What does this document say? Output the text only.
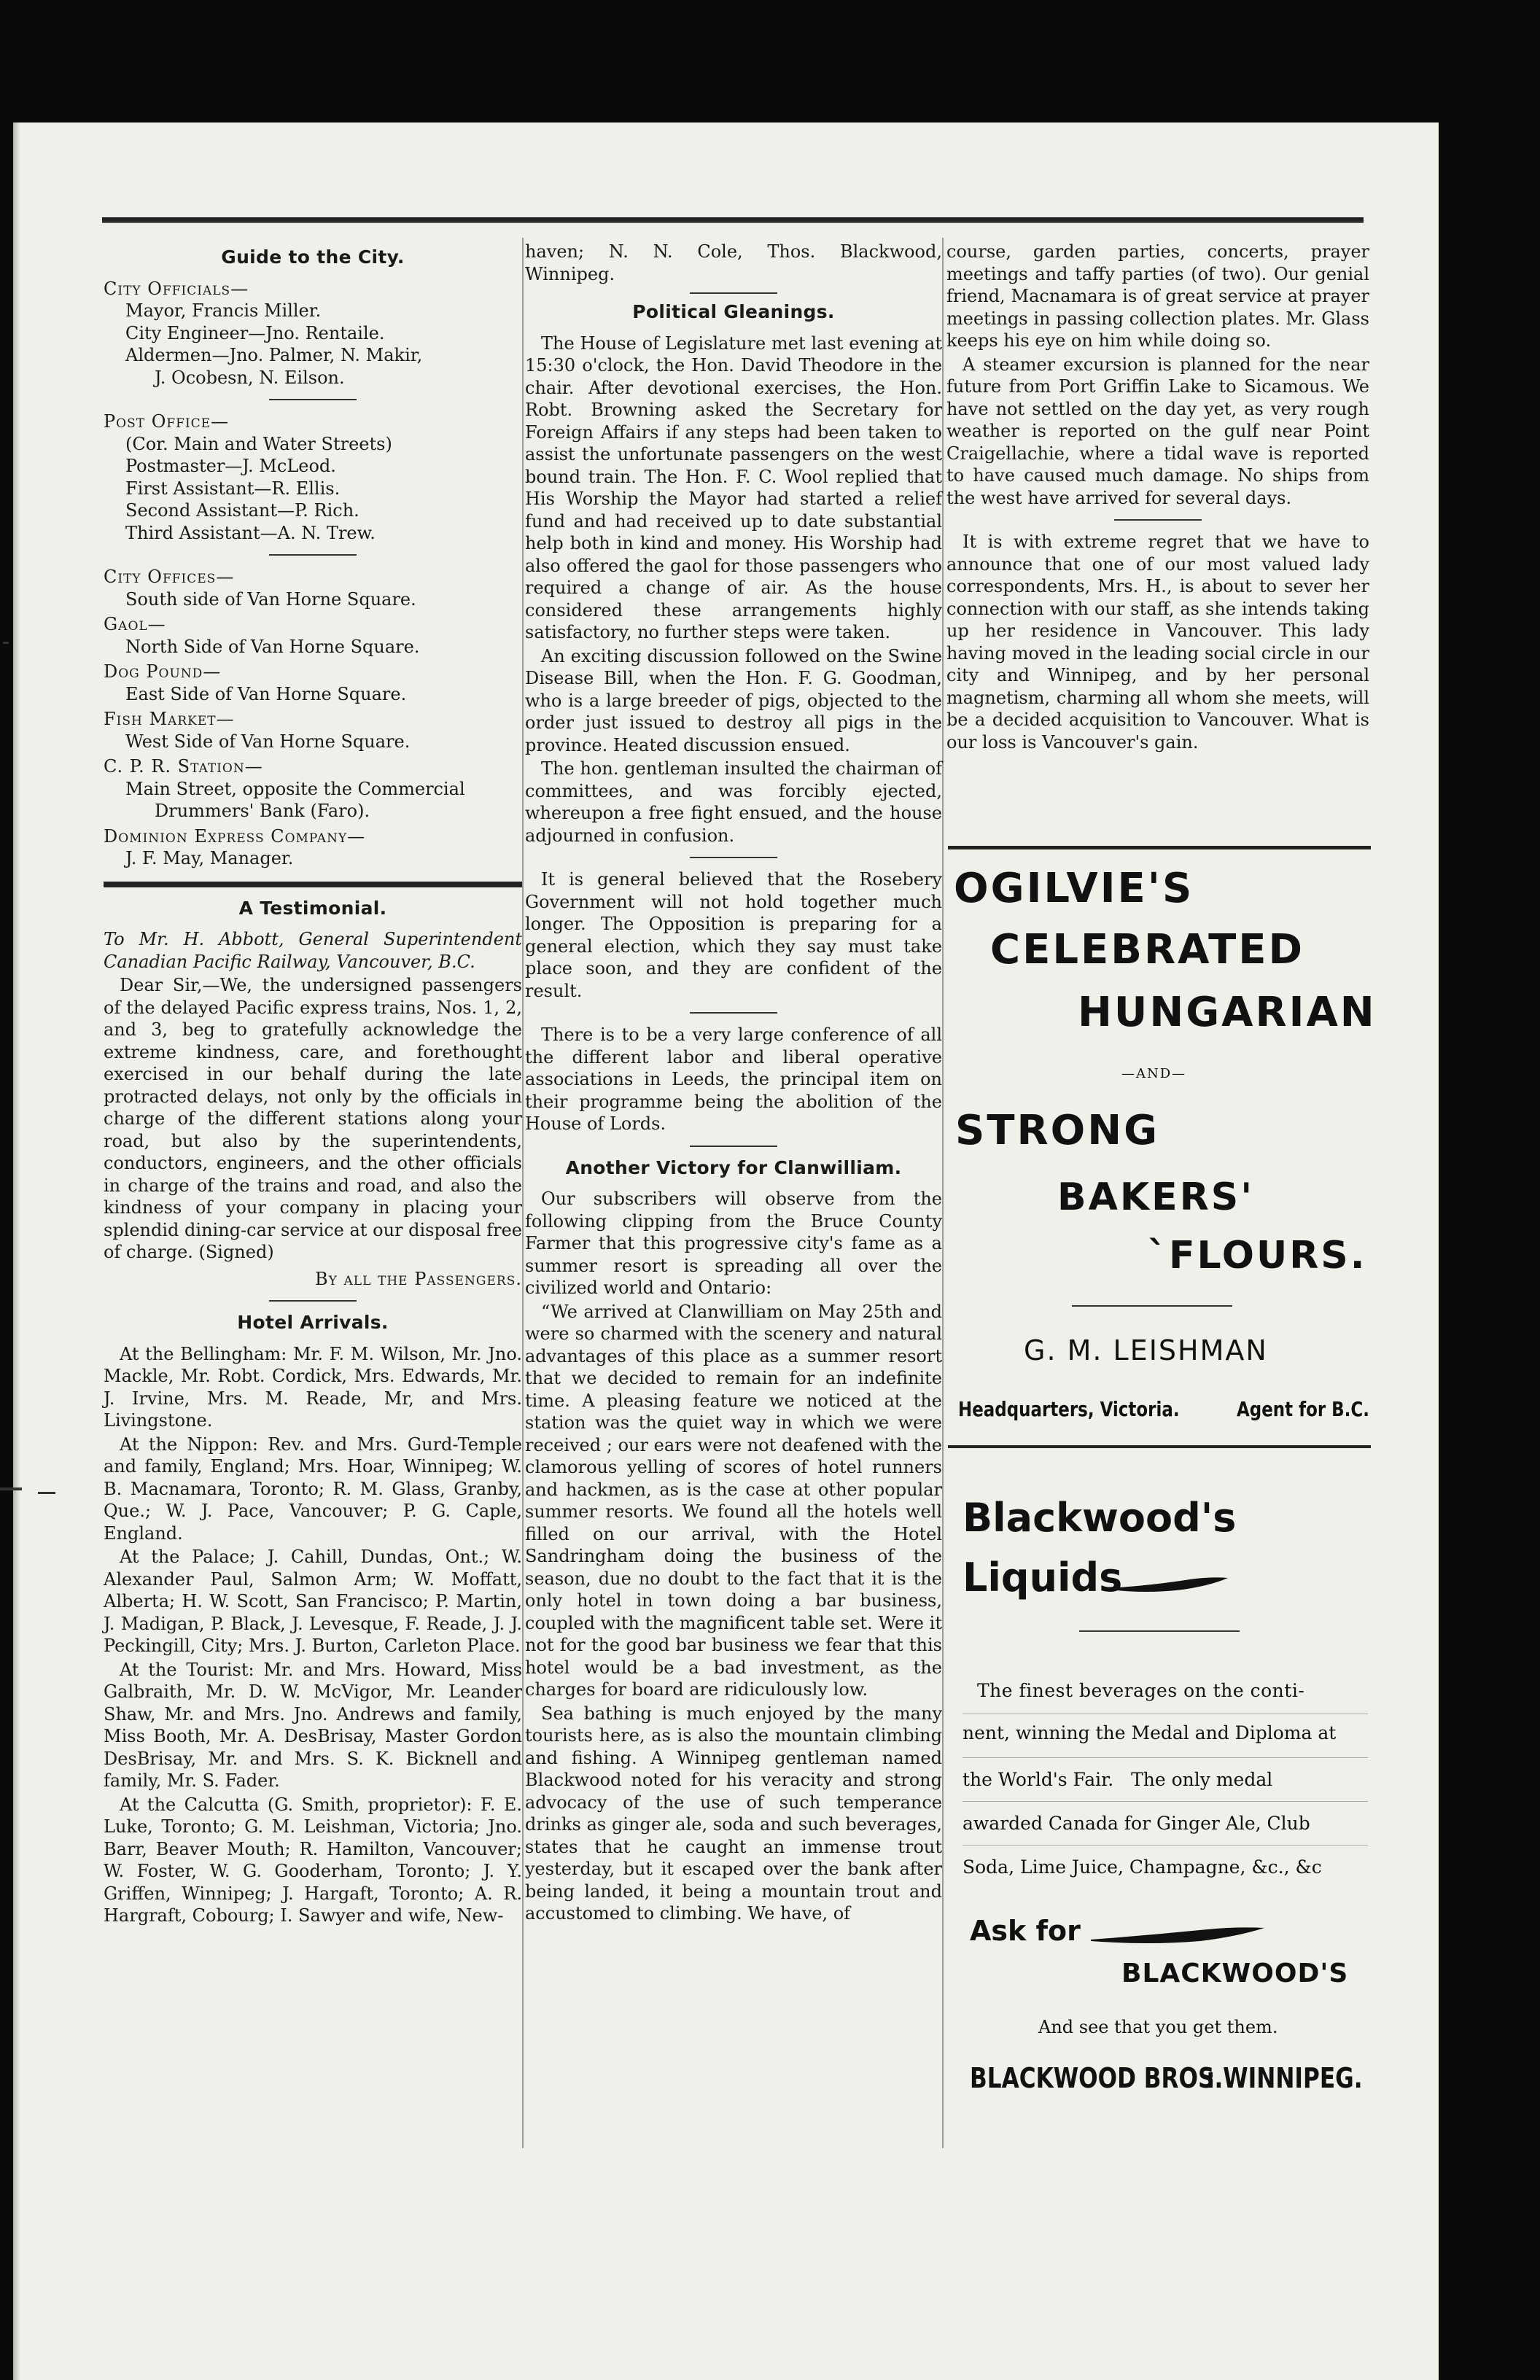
Guide to the City.
City Officials—
Mayor, Francis Miller.
City Engineer—Jno. Rentaile.
Aldermen—Jno. Palmer, N. Makir,
J. Ocobesn, N. Eilson.
Post Office—
(Cor. Main and Water Streets)
Postmaster—J. McLeod.
First Assistant—R. Ellis.
Second Assistant—P. Rich.
Third Assistant—A. N. Trew.
City Offices—
South side of Van Horne Square.
Gaol—
North Side of Van Horne Square.
Dog Pound—
East Side of Van Horne Square.
Fish Market—
West Side of Van Horne Square.
C. P. R. Station—
Main Street, opposite the Commercial
Drummers' Bank (Faro).
Dominion Express Company—
J. F. May, Manager.
A Testimonial.

To Mr. H. Abbott, General Superintendent Canadian Pacific Railway, Vancouver, B.C.

Dear Sir,—We, the undersigned passengers of the delayed Pacific express trains, Nos. 1, 2, and 3, beg to gratefully acknowledge the extreme kindness, care, and forethought exercised in our behalf during the late protracted delays, not only by the officials in charge of the different stations along your road, but also by the superintendents, conductors, engineers, and the other officials in charge of the trains and road, and also the kindness of your company in placing your splendid dining-car service at our disposal free of charge. (Signed)

By all the Passengers.
Hotel Arrivals.

At the Bellingham: Mr. F. M. Wilson, Mr. Jno. Mackle, Mr. Robt. Cordick, Mrs. Edwards, Mr. J. Irvine, Mrs. M. Reade, Mr, and Mrs. Livingstone.

At the Nippon: Rev. and Mrs. Gurd-Temple and family, England; Mrs. Hoar, Winnipeg; W. B. Macnamara, Toronto; R. M. Glass, Granby, Que.; W. J. Pace, Vancouver; P. G. Caple, England.

At the Palace; J. Cahill, Dundas, Ont.; W. Alexander Paul, Salmon Arm; W. Moffatt, Alberta; H. W. Scott, San Francisco; P. Martin, J. Madigan, P. Black, J. Levesque, F. Reade, J. J. Peckingill, City; Mrs. J. Burton, Carleton Place.

At the Tourist: Mr. and Mrs. Howard, Miss Galbraith, Mr. D. W. McVigor, Mr. Leander Shaw, Mr. and Mrs. Jno. Andrews and family, Miss Booth, Mr. A. DesBrisay, Master Gordon DesBrisay, Mr. and Mrs. S. K. Bicknell and family, Mr. S. Fader.

At the Calcutta (G. Smith, proprietor): F. E. Luke, Toronto; G. M. Leishman, Victoria; Jno. Barr, Beaver Mouth; R. Hamilton, Vancouver; W. Foster, W. G. Gooderham, Toronto; J. Y. Griffen, Winnipeg; J. Hargaft, Toronto; A. R. Hargraft, Cobourg; I. Sawyer and wife, New-

haven; N. N. Cole, Thos. Blackwood, Winnipeg.

Political Gleanings.

The House of Legislature met last evening at 15:30 o'clock, the Hon. David Theodore in the chair. After devotional exercises, the Hon. Robt. Browning asked the Secretary for Foreign Affairs if any steps had been taken to assist the unfortunate passengers on the west bound train. The Hon. F. C. Wool replied that His Worship the Mayor had started a relief fund and had received up to date substantial help both in kind and money. His Worship had also offered the gaol for those passengers who required a change of air. As the house considered these arrangements highly satisfactory, no further steps were taken.

An exciting discussion followed on the Swine Disease Bill, when the Hon. F. G. Goodman, who is a large breeder of pigs, objected to the order just issued to destroy all pigs in the province. Heated discussion ensued.

The hon. gentleman insulted the chairman of committees, and was forcibly ejected, whereupon a free fight ensued, and the house adjourned in confusion.

It is general believed that the Rosebery Government will not hold together much longer. The Opposition is preparing for a general election, which they say must take place soon, and they are confident of the result.

There is to be a very large conference of all the different labor and liberal operative associations in Leeds, the principal item on their programme being the abolition of the House of Lords.

Another Victory for Clanwilliam.

Our subscribers will observe from the following clipping from the Bruce County Farmer that this progressive city's fame as a summer resort is spreading all over the civilized world and Ontario:

“We arrived at Clanwilliam on May 25th and were so charmed with the scenery and natural advantages of this place as a summer resort that we decided to remain for an indefinite time. A pleasing feature we noticed at the station was the quiet way in which we were received ; our ears were not deafened with the clamorous yelling of scores of hotel runners and hackmen, as is the case at other popular summer resorts. We found all the hotels well filled on our arrival, with the Hotel Sandringham doing the business of the season, due no doubt to the fact that it is the only hotel in town doing a bar business, coupled with the magnificent table set. Were it not for the good bar business we fear that this hotel would be a bad investment, as the charges for board are ridiculously low.

Sea bathing is much enjoyed by the many tourists here, as is also the mountain climbing and fishing. A Winnipeg gentleman named Blackwood noted for his veracity and strong advocacy of the use of such temperance drinks as ginger ale, soda and such beverages, states that he caught an immense trout yesterday, but it escaped over the bank after being landed, it being a mountain trout and accustomed to climbing. We have, of

course, garden parties, concerts, prayer meetings and taffy parties (of two). Our genial friend, Macnamara is of great service at prayer meetings in passing collection plates. Mr. Glass keeps his eye on him while doing so.

A steamer excursion is planned for the near future from Port Griffin Lake to Sicamous. We have not settled on the day yet, as very rough weather is reported on the gulf near Point Craigellachie, where a tidal wave is reported to have caused much damage. No ships from the west have arrived for several days.

It is with extreme regret that we have to announce that one of our most valued lady correspondents, Mrs. H., is about to sever her connection with our staff, as she intends taking up her residence in Vancouver. This lady having moved in the leading social circle in our city and Winnipeg, and by her personal magnetism, charming all whom she meets, will be a decided acquisition to Vancouver. What is our loss is Vancouver's gain.

OGILVIE'S
CELEBRATED
HUNGARIAN
—AND—
STRONG
BAKERS'
`FLOURS.
G. M. LEISHMAN
Headquarters, Victoria.	Agent for B.C.
Blackwood's
Liquids
The finest beverages on the conti-
nent, winning the Medal and Diploma at
the World's Fair.   The only medal
awarded Canada for Ginger Ale, Club
Soda, Lime Juice, Champagne, &c., &c
Ask for
BLACKWOOD'S
And see that you get them.
BLACKWOOD BROS.
: WINNIPEG.
